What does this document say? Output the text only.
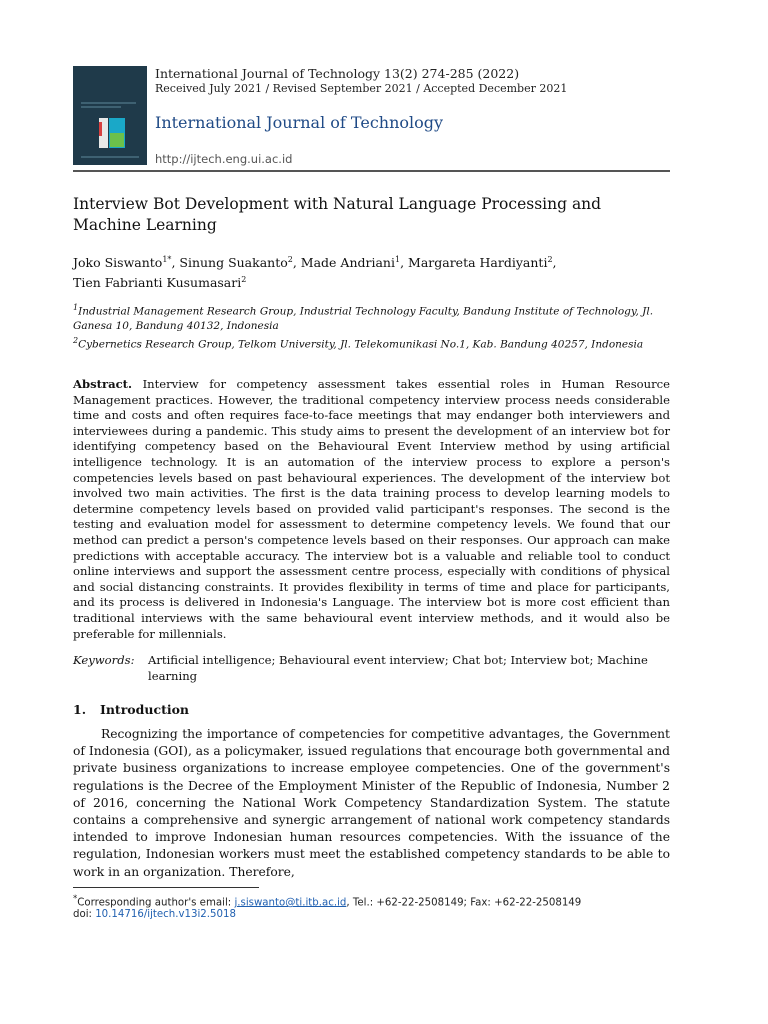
International Journal of Technology 13(2) 274-285 (2022)
Received July 2021 / Revised September 2021 / Accepted December 2021
International Journal of Technology
http://ijtech.eng.ui.ac.id
Interview Bot Development with Natural Language Processing and Machine Learning
Joko Siswanto$^{1*}$, Sinung Suakanto$^2$, Made Andriani$^1$, Margareta Hardiyanti$^2$,
Tien Fabrianti Kusumasari$^2$
$^1$Industrial Management Research Group, Industrial Technology Faculty, Bandung Institute of Technology, Jl. Ganesa 10, Bandung 40132, Indonesia
$^2$Cybernetics Research Group, Telkom University, Jl. Telekomunikasi No.1, Kab. Bandung 40257, Indonesia
Abstract. Interview for competency assessment takes essential roles in Human Resource Management practices. However, the traditional competency interview process needs considerable time and costs and often requires face-to-face meetings that may endanger both interviewers and interviewees during a pandemic. This study aims to present the development of an interview bot for identifying competency based on the Behavioural Event Interview method by using artificial intelligence technology. It is an automation of the interview process to explore a person's competencies levels based on past behavioural experiences. The development of the interview bot involved two main activities. The first is the data training process to develop learning models to determine competency levels based on provided valid participant's responses. The second is the testing and evaluation model for assessment to determine competency levels. We found that our method can predict a person's competence levels based on their responses. Our approach can make predictions with acceptable accuracy. The interview bot is a valuable and reliable tool to conduct online interviews and support the assessment centre process, especially with conditions of physical and social distancing constraints. It provides flexibility in terms of time and place for participants, and its process is delivered in Indonesia's Language. The interview bot is more cost efficient than traditional interviews with the same behavioural event interview methods, and it would also be preferable for millennials.
Keywords: Artificial intelligence; Behavioural event interview; Chat bot; Interview bot; Machine learning
1. Introduction
Recognizing the importance of competencies for competitive advantages, the Government of Indonesia (GOI), as a policymaker, issued regulations that encourage both governmental and private business organizations to increase employee competencies. One of the government's regulations is the Decree of the Employment Minister of the Republic of Indonesia, Number 2 of 2016, concerning the National Work Competency Standardization System. The statute contains a comprehensive and synergic arrangement of national work competency standards intended to improve Indonesian human resources competencies. With the issuance of the regulation, Indonesian workers must meet the established competency standards to be able to work in an organization. Therefore,
*Corresponding author's email: j.siswanto@ti.itb.ac.id, Tel.: +62-22-2508149; Fax: +62-22-2508149
doi: 10.14716/ijtech.v13i2.5018
